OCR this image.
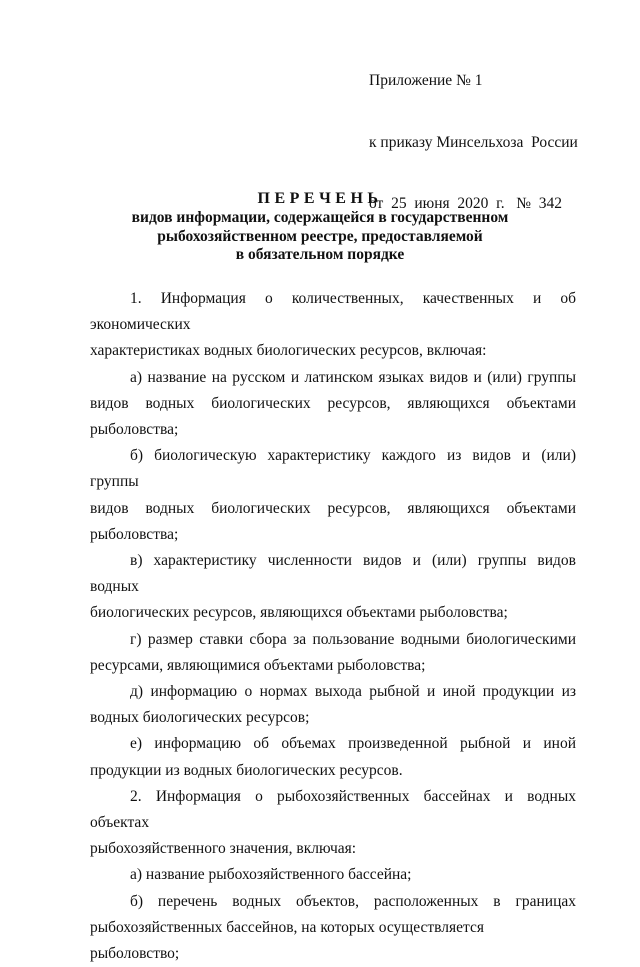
Приложение № 1

к приказу Минсельхоза  России

от  25  июня  2020  г.   №  342

ПЕРЕЧЕНЬ
видов информации, содержащейся в государственном
рыбохозяйственном реестре, предоставляемой
в обязательном порядке
1. Информация о количественных, качественных и об экономических
характеристиках водных биологических ресурсов, включая:
а) название на русском и латинском языках видов и (или) группы
видов водных биологических ресурсов, являющихся объектами
рыболовства;
б) биологическую характеристику каждого из видов и (или) группы
видов водных биологических ресурсов, являющихся объектами
рыболовства;
в) характеристику численности видов и (или) группы видов водных
биологических ресурсов, являющихся объектами рыболовства;
г) размер ставки сбора за пользование водными биологическими
ресурсами, являющимися объектами рыболовства;
д) информацию о нормах выхода рыбной и иной продукции из
водных биологических ресурсов;
е) информацию об объемах произведенной рыбной и иной
продукции из водных биологических ресурсов.
2. Информация о рыбохозяйственных бассейнах и водных объектах
рыбохозяйственного значения, включая:
а) название рыбохозяйственного бассейна;
б) перечень водных объектов, расположенных в границах
рыбохозяйственных бассейнов, на которых осуществляется рыболовство;
